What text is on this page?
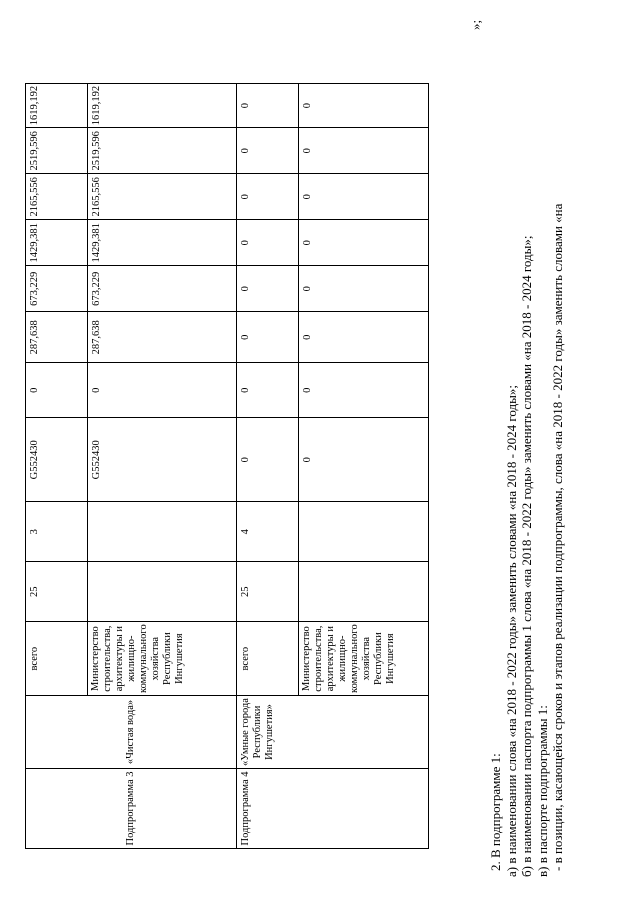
Подпрограмма 3	«Чистая вода»	всего	25	3	G552430	0	287,638	673,229	1429,381	2165,556	2519,596	1619,192
		Министерство строительства, архитектуры и жилищно-коммунального хозяйства Республики Ингушетия			G552430	0	287,638	673,229	1429,381	2165,556	2519,596	1619,192
Подпрограмма 4	«Умные города Республики Ингушетия»	всего	25	4	0	0	0	0	0	0	0	0
		Министерство строительства, архитектуры и жилищно-коммунального хозяйства Республики Ингушетия			0	0	0	0	0	0	0	0
»;
2. В подпрограмме 1: а) в наименовании слова «на 2018 - 2022 годы» заменить словами «на 2018 - 2024 годы»; б) в наименовании паспорта подпрограммы 1 слова «на 2018 - 2022 годы» заменить словами «на 2018 - 2024 годы»; в) в паспорте подпрограммы 1: - в позиции, касающейся сроков и этапов реализации подпрограммы, слова «на 2018 - 2022 годы» заменить словами «на
